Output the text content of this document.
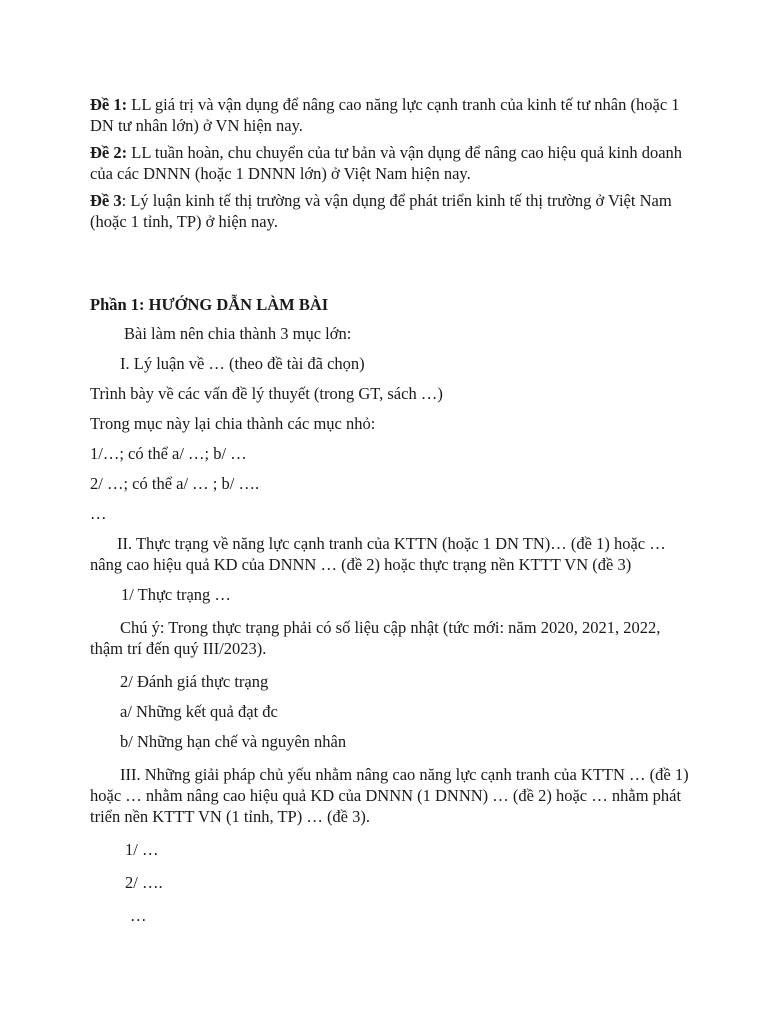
Đề 1: LL giá trị và vận dụng để nâng cao năng lực cạnh tranh của kinh tế tư nhân (hoặc 1 DN tư nhân lớn) ở VN hiện nay.

Đề 2: LL tuần hoàn, chu chuyển của tư bản và vận dụng để nâng cao hiệu quả kinh doanh của các DNNN (hoặc 1 DNNN lớn) ở Việt Nam hiện nay.

Đề 3: Lý luận kinh tế thị trường và vận dụng để phát triển kinh tế thị trường ở Việt Nam (hoặc 1 tỉnh, TP) ở hiện nay.

Phần 1: HƯỚNG DẪN LÀM BÀI

Bài làm nên chia thành 3 mục lớn:

I. Lý luận về … (theo đề tài đã chọn)

Trình bày về các vấn đề lý thuyết (trong GT, sách …)

Trong mục này lại chia thành các mục nhỏ:

1/…; có thể a/ …; b/ …

2/ …; có thể a/ … ; b/ ….

…

II. Thực trạng về năng lực cạnh tranh của KTTN (hoặc 1 DN TN)… (đề 1) hoặc … nâng cao hiệu quả KD của DNNN … (đề 2) hoặc thực trạng nền KTTT VN (đề 3)

1/ Thực trạng …

Chú ý: Trong thực trạng phải có số liệu cập nhật (tức mới: năm 2020, 2021, 2022, thậm trí đến quý III/2023).

2/ Đánh giá thực trạng

a/ Những kết quả đạt đc

b/ Những hạn chế và nguyên nhân

III. Những giải pháp chủ yếu nhằm nâng cao năng lực cạnh tranh của KTTN … (đề 1) hoặc … nhằm nâng cao hiệu quả KD của DNNN (1 DNNN) … (đề 2) hoặc … nhằm phát triển nền KTTT VN (1 tỉnh, TP) … (đề 3).

1/ …

2/ ….

…
